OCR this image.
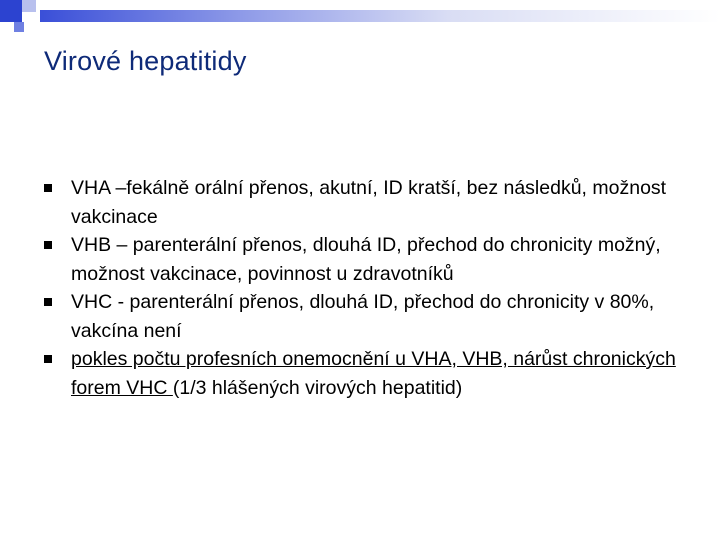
Virové hepatitidy
VHA –fekálně orální přenos, akutní, ID kratší, bez následků, možnost vakcinace
VHB – parenterální přenos, dlouhá ID, přechod do chronicity možný, možnost vakcinace, povinnost u zdravotníků
VHC - parenterální přenos, dlouhá ID, přechod do chronicity v 80%, vakcína není
pokles počtu profesních onemocnění u VHA, VHB, nárůst chronických forem VHC (1/3 hlášených virových hepatitid)
